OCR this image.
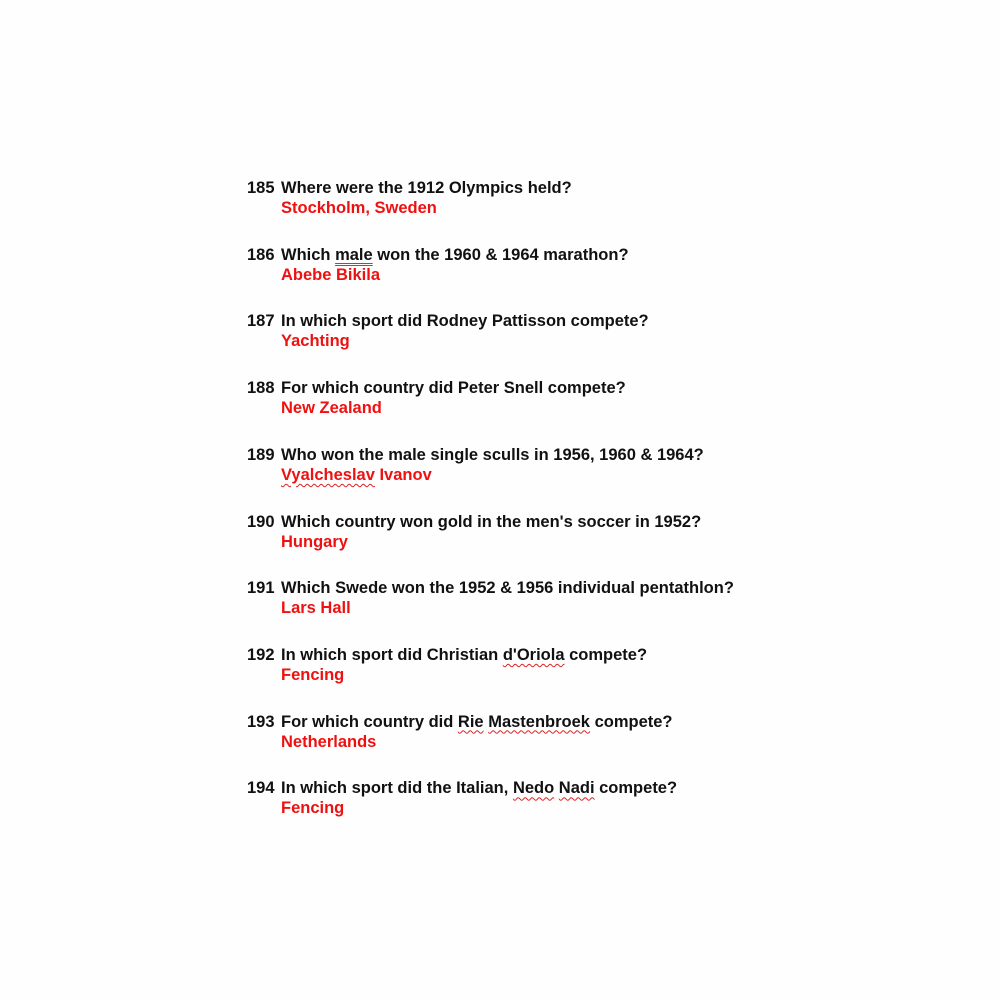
185 Where were the 1912 Olympics held?
Stockholm, Sweden
186 Which male won the 1960 & 1964 marathon?
Abebe Bikila
187 In which sport did Rodney Pattisson compete?
Yachting
188 For which country did Peter Snell compete?
New Zealand
189 Who won the male single sculls in 1956, 1960 & 1964?
Vyalcheslav Ivanov
190 Which country won gold in the men's soccer in 1952?
Hungary
191 Which Swede won the 1952 & 1956 individual pentathlon?
Lars Hall
192 In which sport did Christian d'Oriola compete?
Fencing
193 For which country did Rie Mastenbroek compete?
Netherlands
194 In which sport did the Italian, Nedo Nadi compete?
Fencing
